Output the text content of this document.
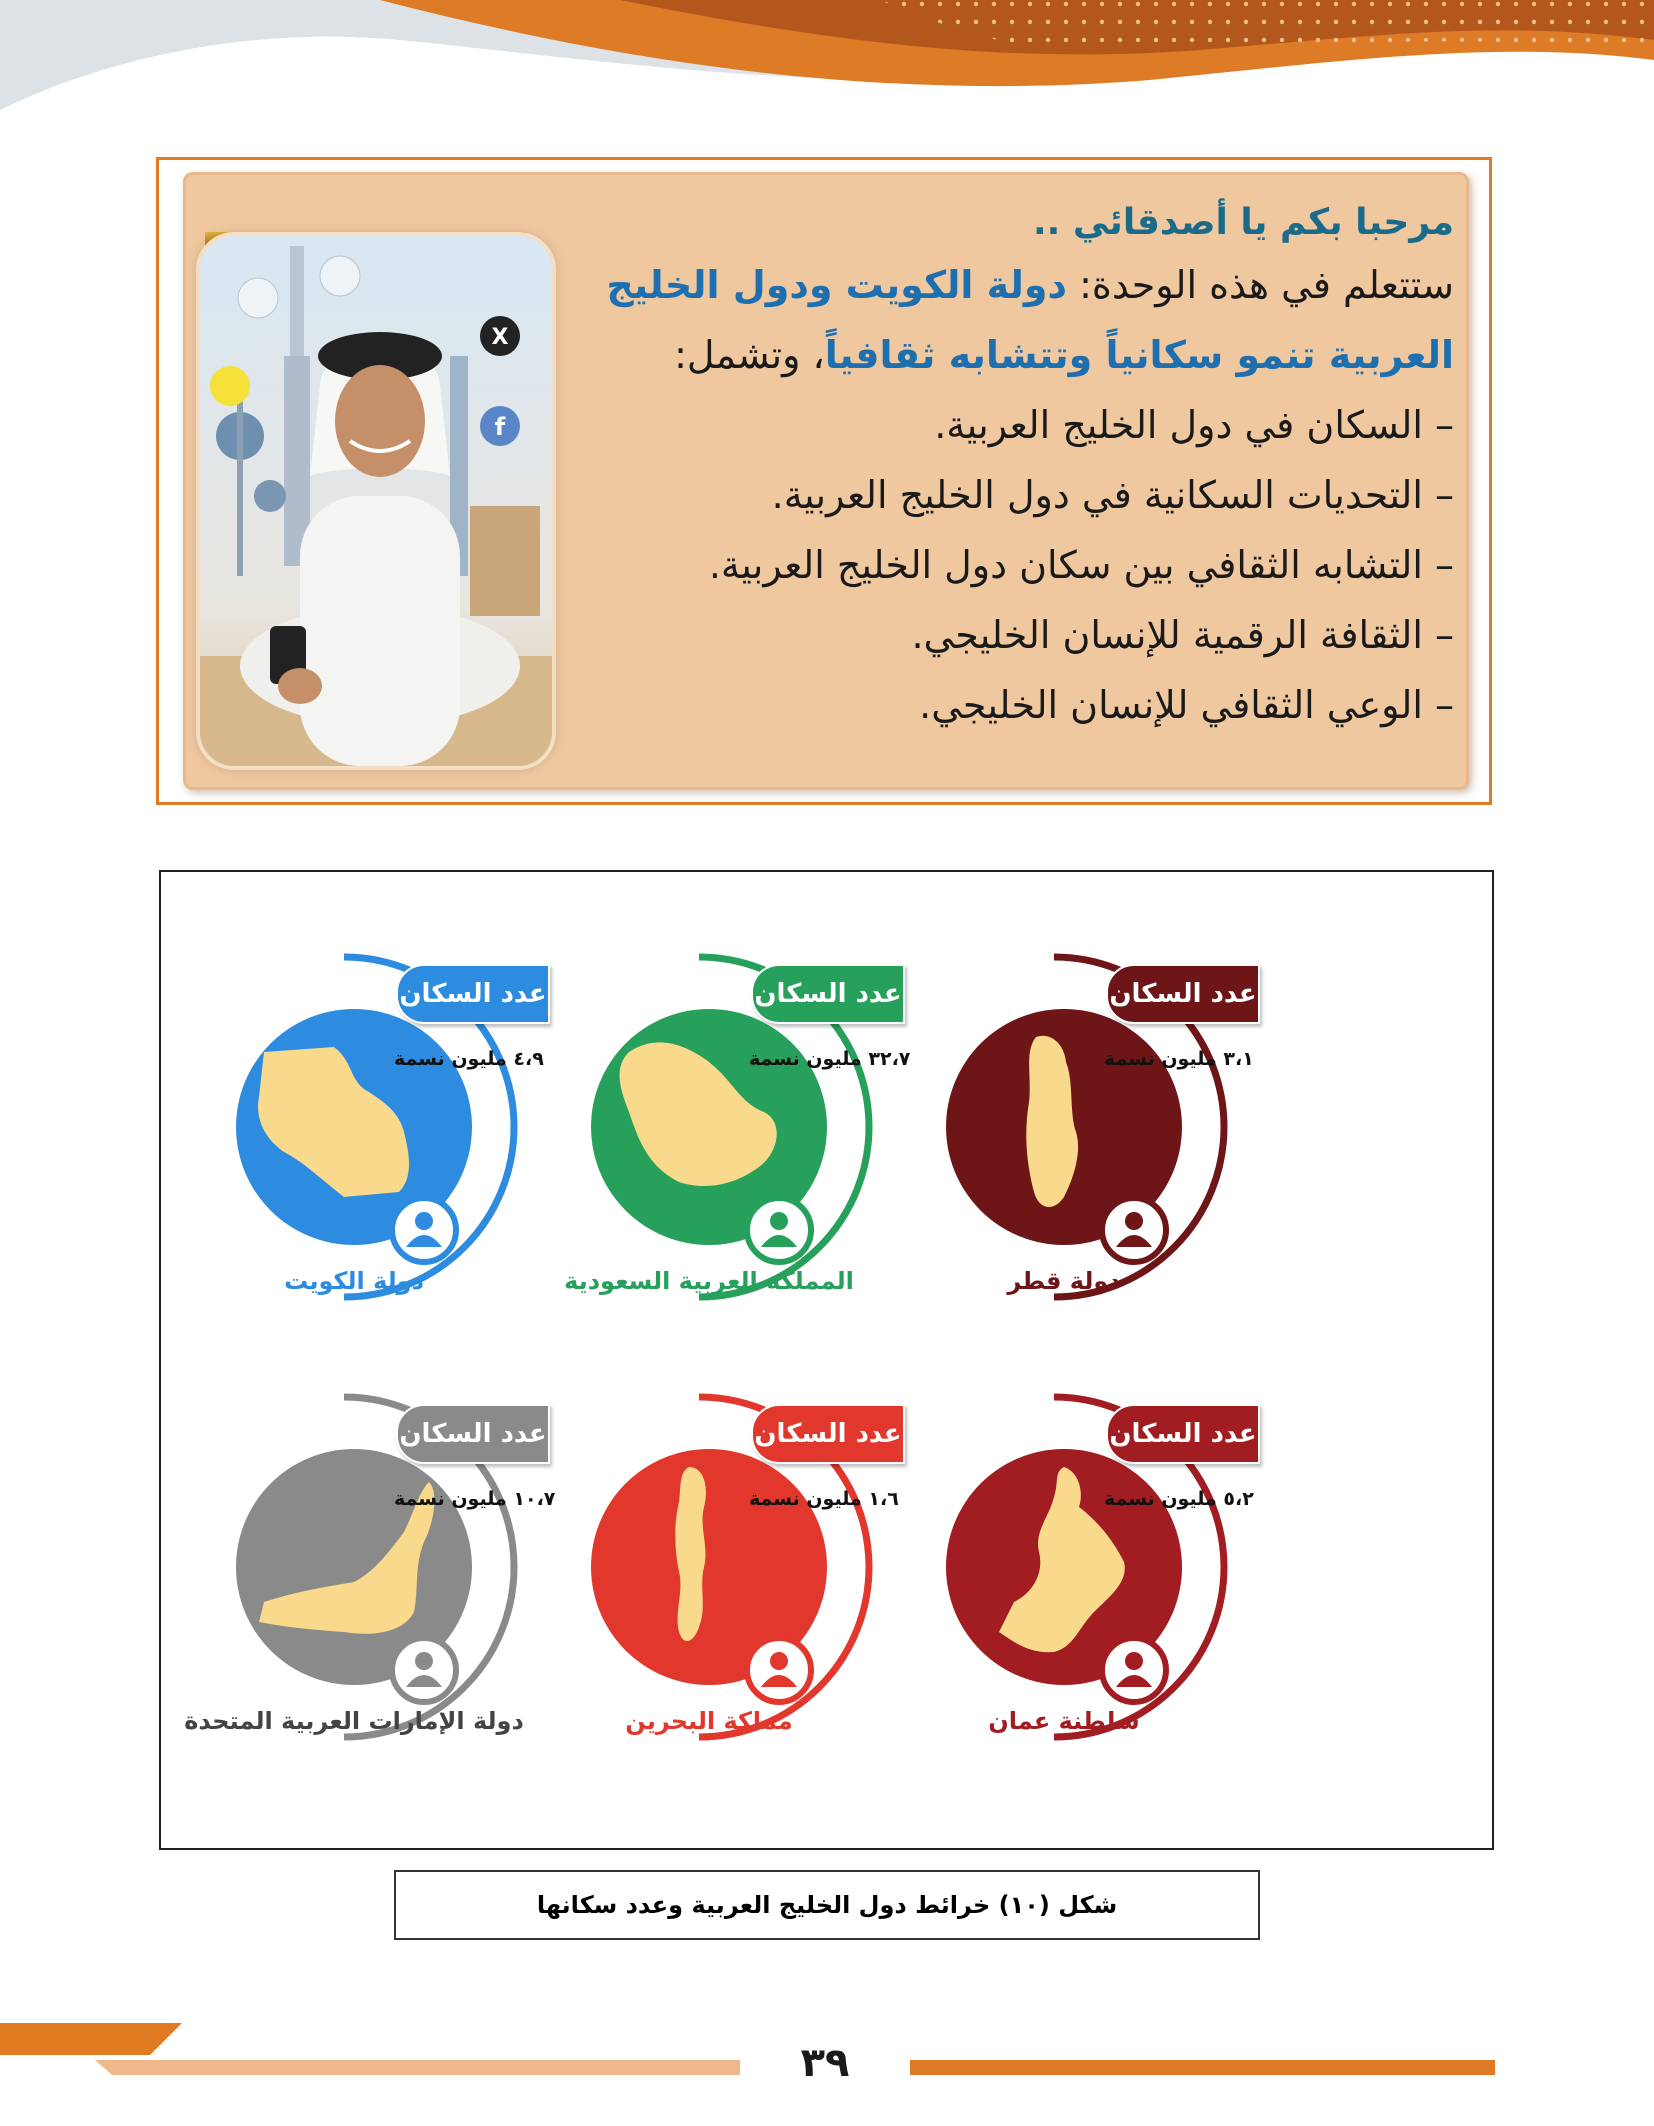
X
f
مرحبا بكم يا أصدقائي ..
ستتعلم في هذه الوحدة: دولة الكويت ودول الخليج
العربية تنمو سكانياً وتتشابه ثقافياً، وتشمل:
– السكان في دول الخليج العربية.
– التحديات السكانية في دول الخليج العربية.
– التشابه الثقافي بين سكان دول الخليج العربية.
– الثقافة الرقمية للإنسان الخليجي.
– الوعي الثقافي للإنسان الخليجي.
عدد السكان
٣،١ مليون نسمة
دولة قطر
عدد السكان
٣٢،٧ مليون نسمة
المملكة العربية السعودية
عدد السكان
٤،٩ مليون نسمة
دولة الكويت
عدد السكان
٥،٢ مليون نسمة
سلطنة عمان
عدد السكان
١،٦ مليون نسمة
مملكة البحرين
عدد السكان
١٠،٧ مليون نسمة
دولة الإمارات العربية المتحدة
شكل (١٠) خرائط دول الخليج العربية وعدد سكانها
٣٩
